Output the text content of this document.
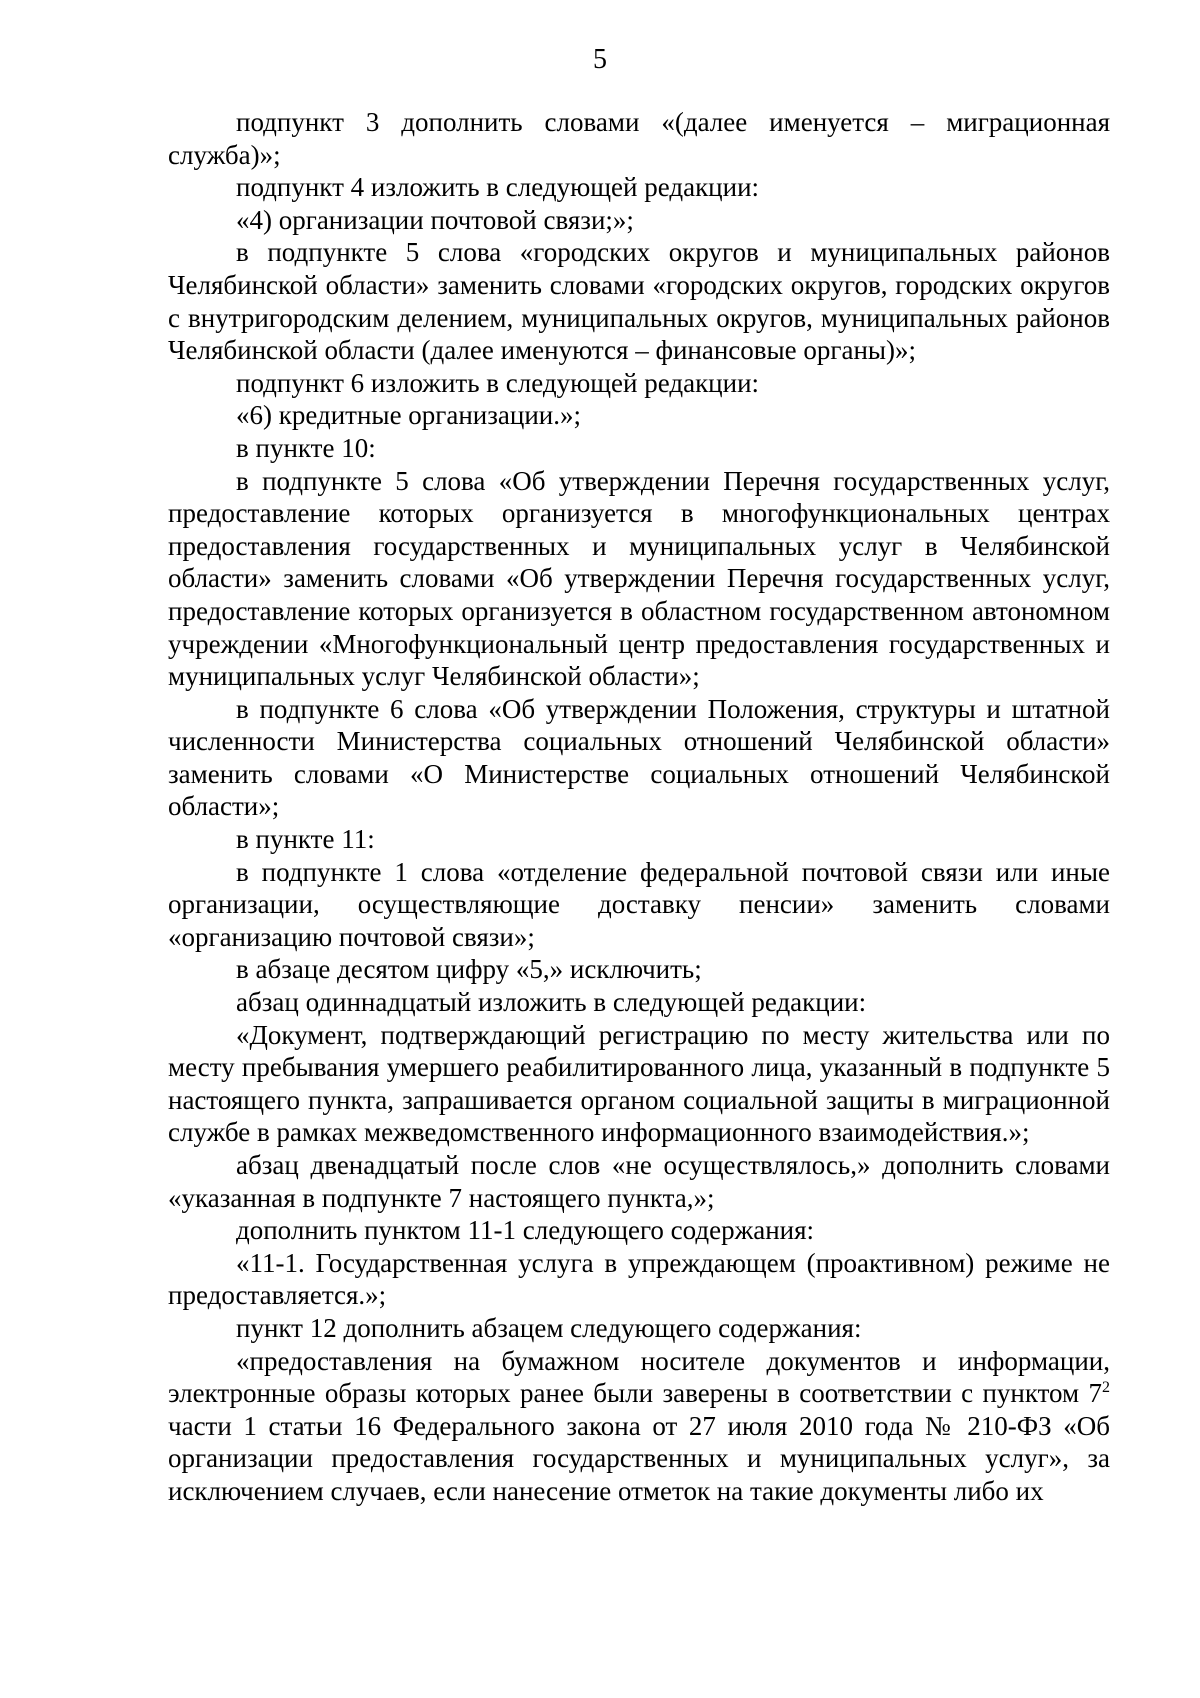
5

подпункт 3 дополнить словами «(далее именуется – миграционная служба)»;

подпункт 4 изложить в следующей редакции:

«4) организации почтовой связи;»;

в подпункте 5 слова «городских округов и муниципальных районов Челябинской области» заменить словами «городских округов, городских округов с внутригородским делением, муниципальных округов, муниципальных районов Челябинской области (далее именуются – финансовые органы)»;

подпункт 6 изложить в следующей редакции:

«6) кредитные организации.»;

в пункте 10:

в подпункте 5 слова «Об утверждении Перечня государственных услуг, предоставление которых организуется в многофункциональных центрах предоставления государственных и муниципальных услуг в Челябинской области» заменить словами «Об утверждении Перечня государственных услуг, предоставление которых организуется в областном государственном автономном учреждении «Многофункциональный центр предоставления государственных и муниципальных услуг Челябинской области»;

в подпункте 6 слова «Об утверждении Положения, структуры и штатной численности Министерства социальных отношений Челябинской области» заменить словами «О Министерстве социальных отношений Челябинской области»;

в пункте 11:

в подпункте 1 слова «отделение федеральной почтовой связи или иные организации, осуществляющие доставку пенсии» заменить словами «организацию почтовой связи»;

в абзаце десятом цифру «5,» исключить;

абзац одиннадцатый изложить в следующей редакции:

«Документ, подтверждающий регистрацию по месту жительства или по месту пребывания умершего реабилитированного лица, указанный в подпункте 5 настоящего пункта, запрашивается органом социальной защиты в миграционной службе в рамках межведомственного информационного взаимодействия.»;

абзац двенадцатый после слов «не осуществлялось,» дополнить словами «указанная в подпункте 7 настоящего пункта,»;

дополнить пунктом 11-1 следующего содержания:

«11-1. Государственная услуга в упреждающем (проактивном) режиме не предоставляется.»;

пункт 12 дополнить абзацем следующего содержания:

«предоставления на бумажном носителе документов и информации, электронные образы которых ранее были заверены в соответствии с пунктом $7^2$ части 1 статьи 16 Федерального закона от 27 июля 2010 года № 210-ФЗ «Об организации предоставления государственных и муниципальных услуг», за исключением случаев, если нанесение отметок на такие документы либо их
